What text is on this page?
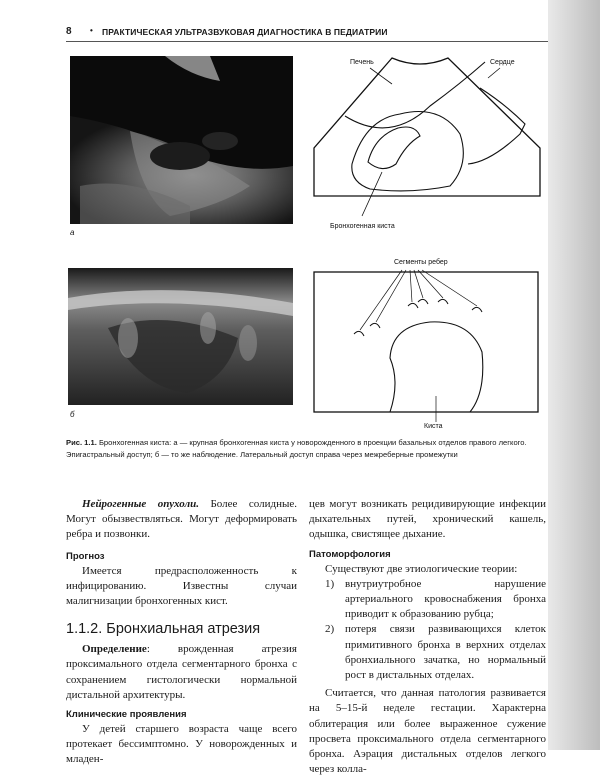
8 • ПРАКТИЧЕСКАЯ УЛЬТРАЗВУКОВАЯ ДИАГНОСТИКА В ПЕДИАТРИИ
а
Печень	Сердце
Бронхогенная киста
б
Сегменты ребер
Киста
Рис. 1.1. Бронхогенная киста: а — крупная бронхогенная киста у новорожденного в проекции базальных отделов правого легкого. Эпигастральный доступ; б — то же наблюдение. Латеральный доступ справа через межреберные промежутки

Нейрогенные опухоли. Более солидные. Могут обызвествляться. Могут деформировать ребра и позвонки.

Прогноз

Имеется предрасположенность к инфицированию. Известны случаи малигнизации бронхогенных кист.

1.1.2. Бронхиальная атрезия

Определение: врожденная атрезия проксимального отдела сегментарного бронха с сохранением гистологически нормальной дистальной архитектуры.

Клинические проявления

У детей старшего возраста чаще всего протекает бессимптомно. У новорожденных и младен-

цев могут возникать рецидивирующие инфекции дыхательных путей, хронический кашель, одышка, свистящее дыхание.

Патоморфология

Существуют две этиологические теории:

1) внутриутробное нарушение артериального кровоснабжения бронха приводит к образованию рубца;
2) потеря связи развивающихся клеток примитивного бронха в верхних отделах бронхиального зачатка, но нормальный рост в дистальных отделах.

Считается, что данная патология развивается на 5–15-й неделе гестации. Характерна облитерация или более выраженное сужение просвета проксимального отдела сегментарного бронха. Аэрация дистальных отделов легкого через колла-
